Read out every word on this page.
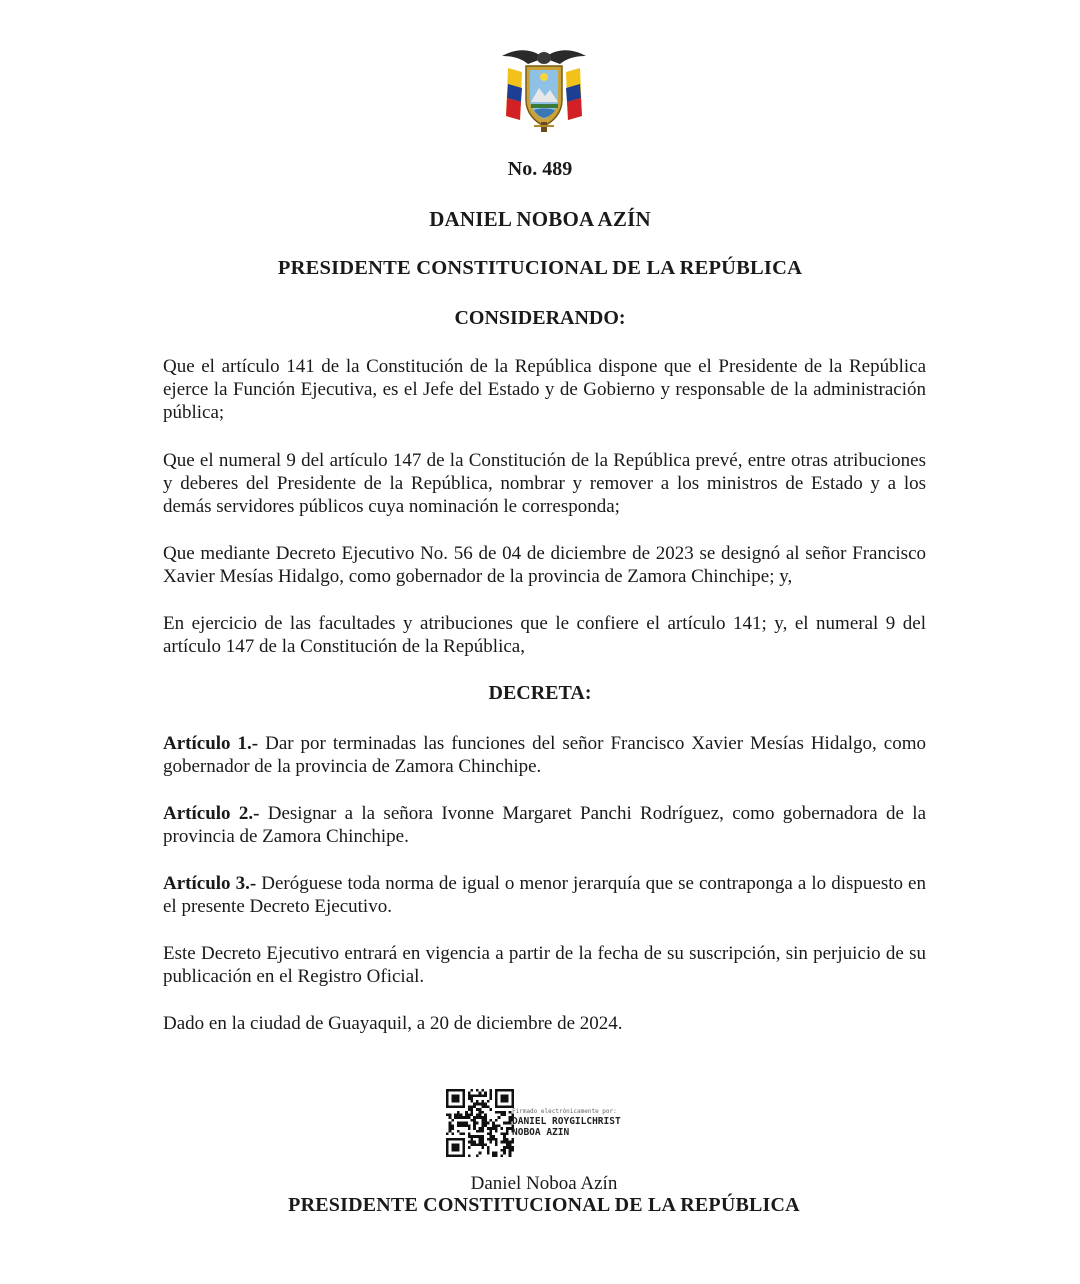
No. 489
DANIEL NOBOA AZÍN
PRESIDENTE CONSTITUCIONAL DE LA REPÚBLICA
CONSIDERANDO:

Que el artículo 141 de la Constitución de la República dispone que el Presidente de la República ejerce la Función Ejecutiva, es el Jefe del Estado y de Gobierno y responsable de la administración pública;

Que el numeral 9 del artículo 147 de la Constitución de la República prevé, entre otras atribuciones y deberes del Presidente de la República, nombrar y remover a los ministros de Estado y a los demás servidores públicos cuya nominación le corresponda;

Que mediante Decreto Ejecutivo No. 56 de 04 de diciembre de 2023 se designó al señor Francisco Xavier Mesías Hidalgo, como gobernador de la provincia de Zamora Chinchipe; y,

En ejercicio de las facultades y atribuciones que le confiere el artículo 141; y, el numeral 9 del artículo 147 de la Constitución de la República,

DECRETA:

Artículo 1.- Dar por terminadas las funciones del señor Francisco Xavier Mesías Hidalgo, como gobernador de la provincia de Zamora Chinchipe.

Artículo 2.- Designar a la señora Ivonne Margaret Panchi Rodríguez, como gobernadora de la provincia de Zamora Chinchipe.

Artículo 3.- Deróguese toda norma de igual o menor jerarquía que se contraponga a lo dispuesto en el presente Decreto Ejecutivo.

Este Decreto Ejecutivo entrará en vigencia a partir de la fecha de su suscripción, sin perjuicio de su publicación en el Registro Oficial.

Dado en la ciudad de Guayaquil, a 20 de diciembre de 2024.

Firmado electrónicamente por:
DANIEL ROYGILCHRIST
NOBOA AZIN
Daniel Noboa Azín
PRESIDENTE CONSTITUCIONAL DE LA REPÚBLICA
